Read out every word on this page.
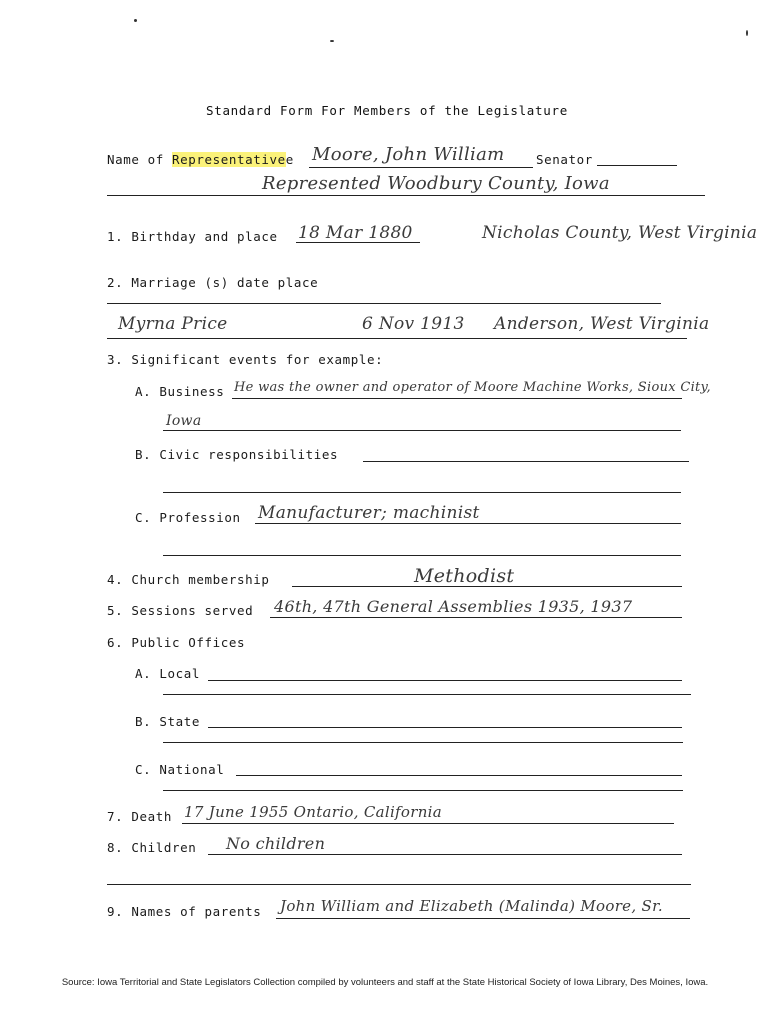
Standard Form For Members of the Legislature
Name of Representativee Moore, John William	Senator
Represented Woodbury County, Iowa
1. Birthday and place 18 Mar 1880	Nicholas County, West Virginia
2. Marriage (s) date place
Myrna Price	6 Nov 1913 Anderson, West Virginia
3. Significant events for example:
A. Business He was the owner and operator of Moore Machine Works, Sioux City,
Iowa
B. Civic responsibilities
C. Profession Manufacturer; machinist
4. Church membership	Methodist
5. Sessions served 46th, 47th General Assemblies 1935, 1937
6. Public Offices
A. Local
B. State
C. National
7. Death 17 June 1955 Ontario, California
8. Children No children
9. Names of parents John William and Elizabeth (Malinda) Moore, Sr.
Source: Iowa Territorial and State Legislators Collection compiled by volunteers and staff at the State Historical Society of Iowa Library, Des Moines, Iowa.
